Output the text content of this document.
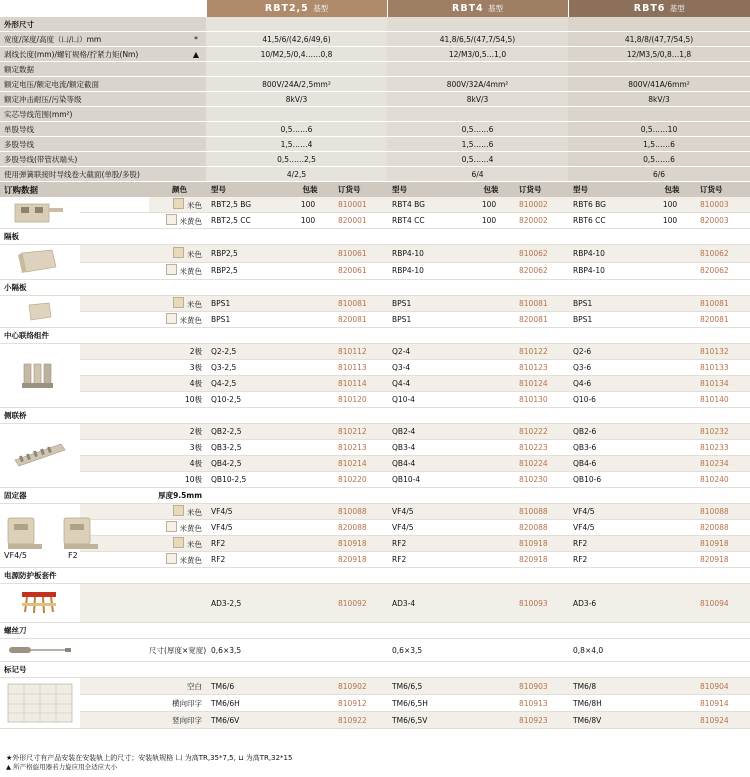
		RBT2,5 基型	RBT4 基型	RBT6 基型

外形尺寸				
宽度/深度/高度（凵/凵）mm	*	41,5/6/(42,6/49,6)	41,8/6,5/(47,7/54,5)	41,8/8/(47,7/54,5)
剥线长度(mm)/螺钉规格/拧紧力矩(Nm)	▲	10/M2,5/0,4……0,8	12/M3/0,5…1,0	12/M3,5/0,8…1,8
额定数据				
额定电压/额定电流/额定截面		800V/24A/2,5mm²	800V/32A/4mm²	800V/41A/6mm²
额定冲击耐压/污染等级		8kV/3	8kV/3	8kV/3
实芯导线范围(mm²)				
单股导线		0,5……6	0,5……6	0,5……10
多股导线		1,5……4	1,5……6	1,5……6
多股导线(带管状端头)		0,5……2,5	0,5……4	0,5……6
使用弹簧联接时导线卷大截面(单股/多股)		4/2,5	6/4	6/6
订购数据		颜色	型号	包装	订货号	型号	包装	订货号	型号	包装	订货号

		米色	RBT2,5 BG	100	810001	RBT4 BG	100	810002	RBT6 BG	100	810003
		米黄色	RBT2,5 CC	100	820001	RBT4 CC	100	820002	RBT6 CC	100	820003
隔板											

		米色	RBP2,5		810061	RBP4-10		810062	RBP4-10		810062
		米黄色	RBP2,5		820061	RBP4-10		820062	RBP4-10		820062
小隔板											

		米色	BPS1		810081	BPS1		810081	BPS1		810081
		米黄色	BPS1		820081	BPS1		820081	BPS1		820081
中心联络组件											

		2极	Q2-2,5		810112	Q2-4		810122	Q2-6		810132
		3极	Q3-2,5		810113	Q3-4		810123	Q3-6		810133
		4极	Q4-2,5		810114	Q4-4		810124	Q4-6		810134
		10极	Q10-2,5		810120	Q10-4		810130	Q10-6		810140
侧联桥											

		2极	QB2-2,5		810212	QB2-4		810222	QB2-6		810232
		3极	QB3-2,5		810213	QB3-4		810223	QB3-6		810233
		4极	QB4-2,5		810214	QB4-4		810224	QB4-6		810234
		10极	QB10-2,5		810220	QB10-4		810230	QB10-6		810240
固定器		厚度9.5mm									

VF4/5 F2		米色	VF4/5		810088	VF4/5		810088	VF4/5		810088
		米黄色	VF4/5		820088	VF4/5		820088	VF4/5		820088
		米色	RF2		810918	RF2		810918	RF2		810918
		米黄色	RF2		820918	RF2		820918	RF2		820918
电源防护板套件											

			AD3-2,5		810092	AD3-4		810093	AD3-6		810094
螺丝刀											

		尺寸(厚度×宽度)	0,6×3,5			0,6×3,5			0,8×4,0		
标记号											

		空白	TM6/6		810902	TM6/6,5		810903	TM6/8		810904
		横向印字	TM6/6H		810912	TM6/6,5H		810913	TM6/8H		810914
		竖向印字	TM6/6V		810922	TM6/6,5V		810923	TM6/8V		810924
★外形尺寸有产品安装在安装轨上的尺寸；安装轨规格 凵 为高TR,35*7,5, ⊔ 为高TR,32*15
▲ 所产格旋用器若力旋应用全适应大小
